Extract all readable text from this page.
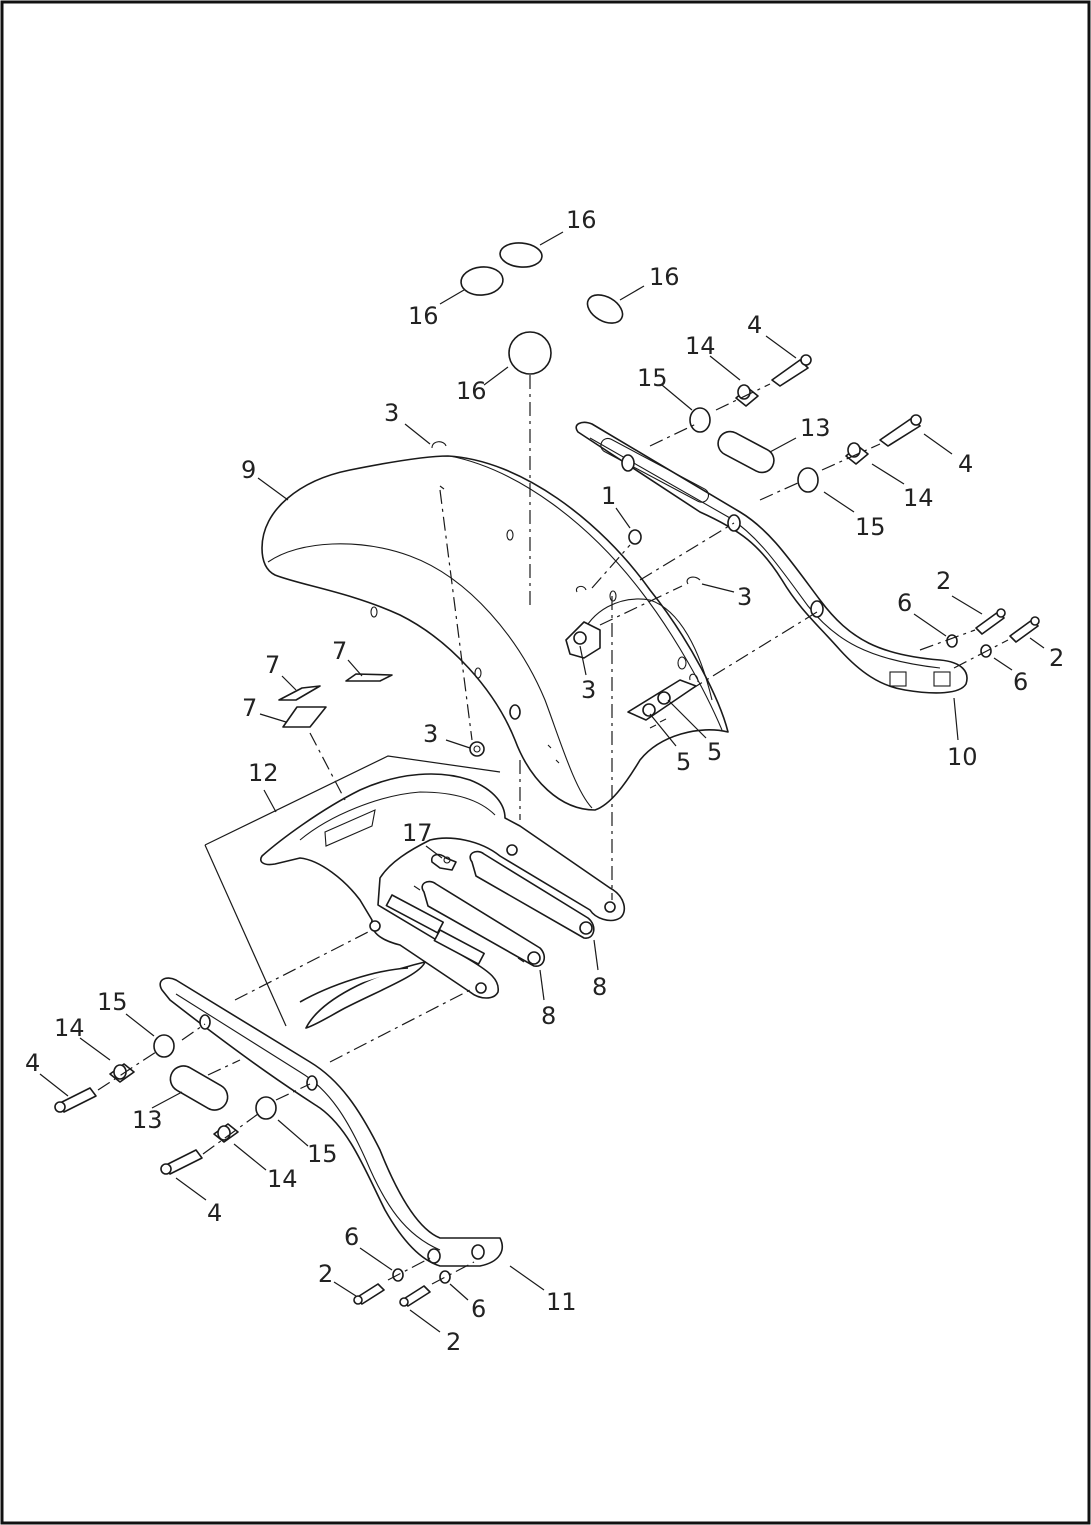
16
16
16
16
4
14
15
13
4
14
15
3
9
1
3
3
2
6
2
6
10
7 7
7
3
5 5
12
17
8
8
15
14
4
13
15
14
4
6
2
6
2
11
